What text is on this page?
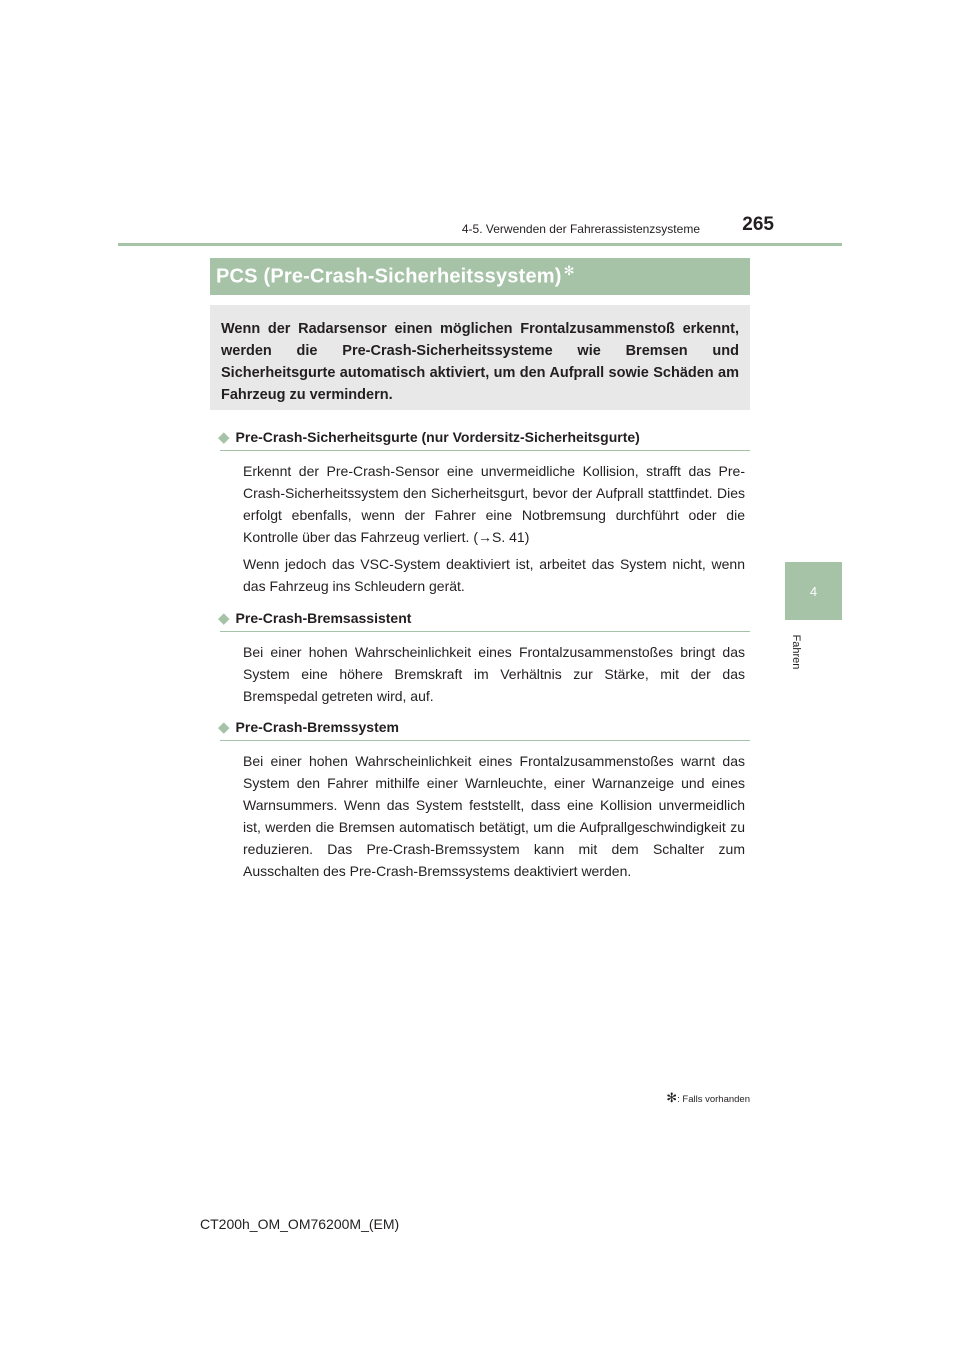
4-5. Verwenden der Fahrerassistenzsysteme	265
4
Fahren
PCS (Pre-Crash-Sicherheitssystem) ✻

Wenn der Radarsensor einen möglichen Frontalzusammenstoß erkennt, werden die Pre-Crash-Sicherheitssysteme wie Bremsen und Sicherheitsgurte automatisch aktiviert, um den Aufprall sowie Schäden am Fahrzeug zu vermindern.

◆ Pre-Crash-Sicherheitsgurte (nur Vordersitz-Sicherheitsgurte)

Erkennt der Pre-Crash-Sensor eine unvermeidliche Kollision, strafft das Pre-Crash-Sicherheitssystem den Sicherheitsgurt, bevor der Aufprall stattfindet. Dies erfolgt ebenfalls, wenn der Fahrer eine Notbremsung durchführt oder die Kontrolle über das Fahrzeug verliert. (→S. 41)

Wenn jedoch das VSC-System deaktiviert ist, arbeitet das System nicht, wenn das Fahrzeug ins Schleudern gerät.

◆ Pre-Crash-Bremsassistent

Bei einer hohen Wahrscheinlichkeit eines Frontalzusammenstoßes bringt das System eine höhere Bremskraft im Verhältnis zur Stärke, mit der das Bremspedal getreten wird, auf.

◆ Pre-Crash-Bremssystem

Bei einer hohen Wahrscheinlichkeit eines Frontalzusammenstoßes warnt das System den Fahrer mithilfe einer Warnleuchte, einer Warnanzeige und eines Warnsummers. Wenn das System feststellt, dass eine Kollision unvermeidlich ist, werden die Bremsen automatisch betätigt, um die Aufprallgeschwindigkeit zu reduzieren. Das Pre-Crash-Bremssystem kann mit dem Schalter zum Ausschalten des Pre-Crash-Bremssystems deaktiviert werden.

✻: Falls vorhanden
CT200h_OM_OM76200M_(EM)
